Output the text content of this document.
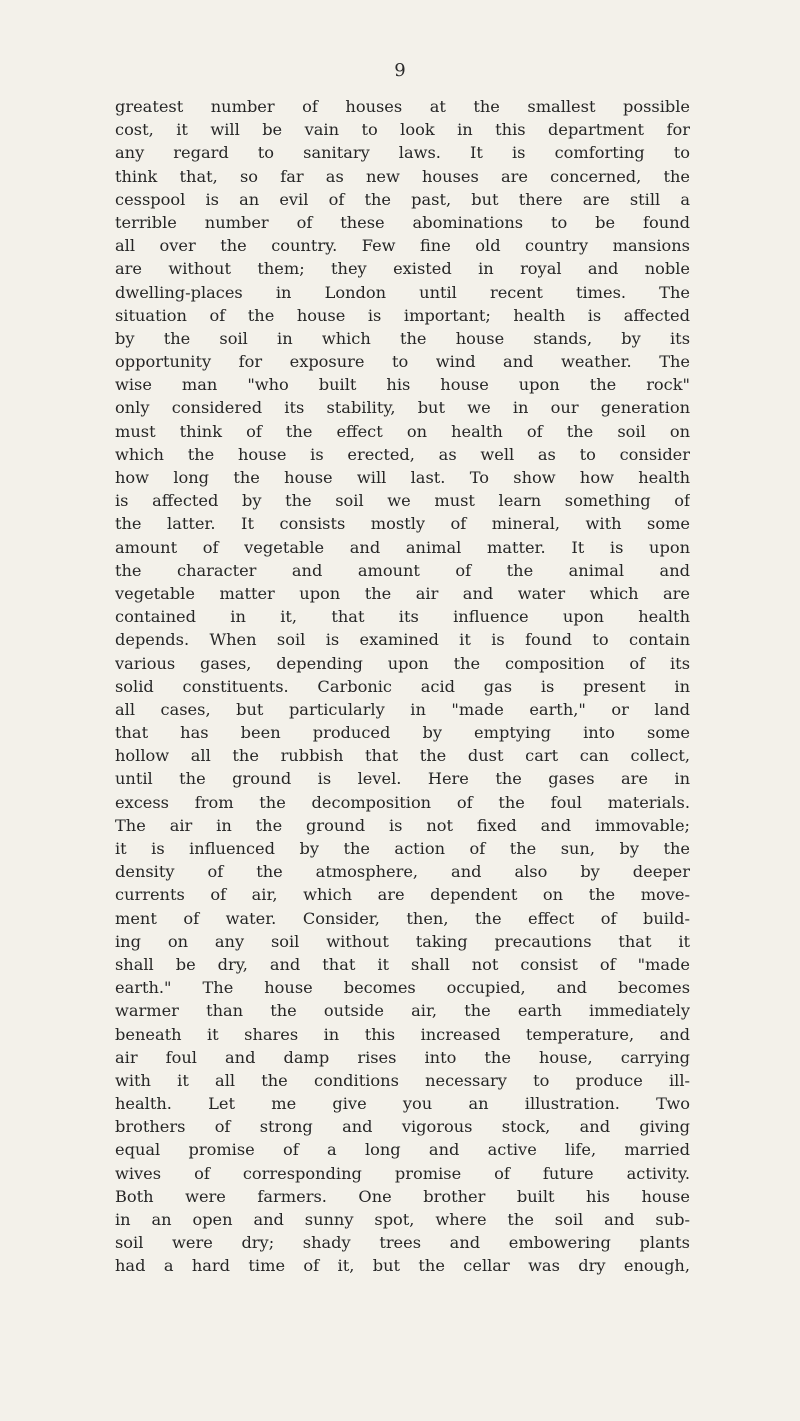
9
greatest number of houses at the smallest possible
cost, it will be vain to look in this department for
any regard to sanitary laws. It is comforting to
think that, so far as new houses are concerned, the
cesspool is an evil of the past, but there are still a
terrible number of these abominations to be found
all over the country. Few fine old country mansions
are without them; they existed in royal and noble
dwelling-places in London until recent times. The
situation of the house is important; health is affected
by the soil in which the house stands, by its
opportunity for exposure to wind and weather. The
wise man "who built his house upon the rock"
only considered its stability, but we in our generation
must think of the effect on health of the soil on
which the house is erected, as well as to consider
how long the house will last. To show how health
is affected by the soil we must learn something of
the latter. It consists mostly of mineral, with some
amount of vegetable and animal matter. It is upon
the character and amount of the animal and
vegetable matter upon the air and water which are
contained in it, that its influence upon health
depends. When soil is examined it is found to contain
various gases, depending upon the composition of its
solid constituents. Carbonic acid gas is present in
all cases, but particularly in "made earth," or land
that has been produced by emptying into some
hollow all the rubbish that the dust cart can collect,
until the ground is level. Here the gases are in
excess from the decomposition of the foul materials.
The air in the ground is not fixed and immovable;
it is influenced by the action of the sun, by the
density of the atmosphere, and also by deeper
currents of air, which are dependent on the move-
ment of water. Consider, then, the effect of build-
ing on any soil without taking precautions that it
shall be dry, and that it shall not consist of "made
earth." The house becomes occupied, and becomes
warmer than the outside air, the earth immediately
beneath it shares in this increased temperature, and
air foul and damp rises into the house, carrying
with it all the conditions necessary to produce ill-
health. Let me give you an illustration. Two
brothers of strong and vigorous stock, and giving
equal promise of a long and active life, married
wives of corresponding promise of future activity.
Both were farmers. One brother built his house
in an open and sunny spot, where the soil and sub-
soil were dry; shady trees and embowering plants
had a hard time of it, but the cellar was dry enough,
